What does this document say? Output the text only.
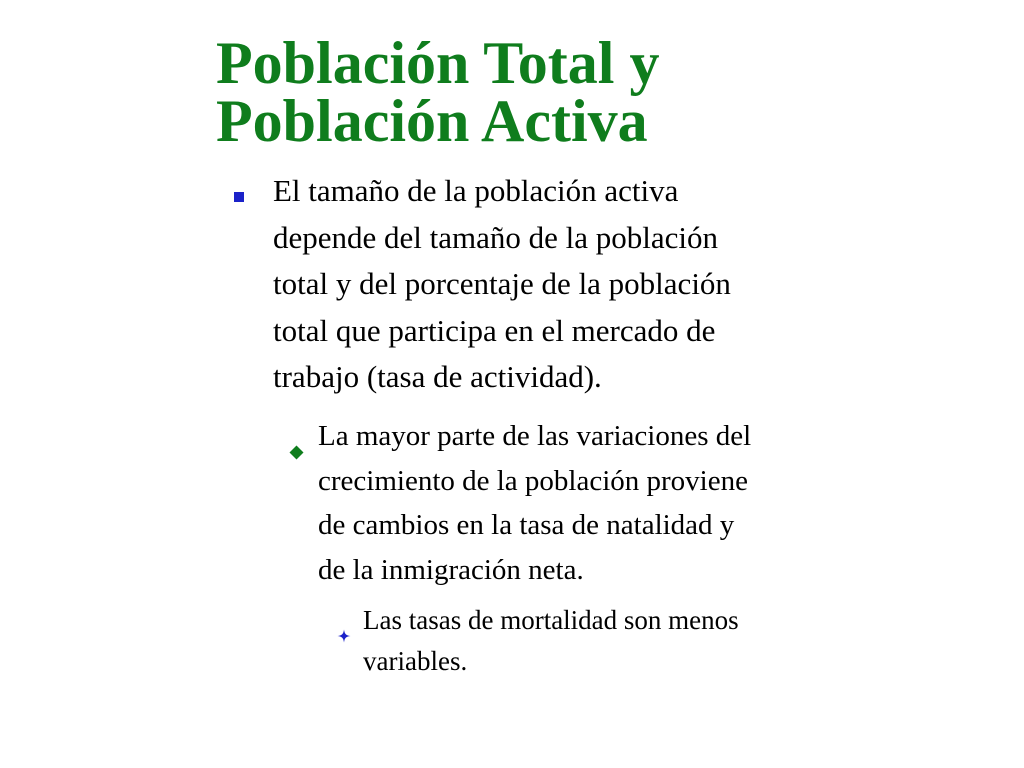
Población Total y
Población Activa
El tamaño de la población activa
depende del tamaño de la población
total y del porcentaje de la población
total que participa en el mercado de
trabajo (tasa de actividad).
La mayor parte de las variaciones del
crecimiento de la población proviene
de cambios en la tasa de natalidad y
de la inmigración neta.
Las tasas de mortalidad son menos
variables.
